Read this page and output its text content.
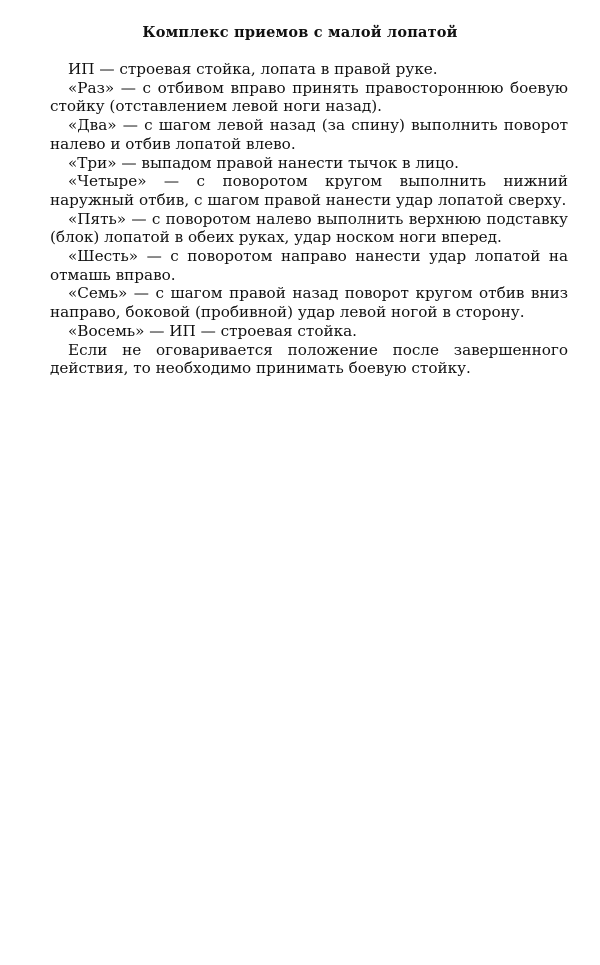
Комплекс приемов с малой лопатой

ИП — строевая стойка, лопата в правой руке.

«Раз» — с отбивом вправо принять правостороннюю боевую стойку (отставлением левой ноги назад).

«Два» — с шагом левой назад (за спину) выполнить поворот налево и отбив лопатой влево.

«Три» — выпадом правой нанести тычок в лицо.

«Четыре» — с поворотом кругом выполнить нижний наружный отбив, с шагом правой нанести удар лопатой сверху.

«Пять» — с поворотом налево выполнить верхнюю подставку (блок) лопатой в обеих руках, удар носком ноги вперед.

«Шесть» — с поворотом направо нанести удар лопатой на отмашь вправо.

«Семь» — с шагом правой назад поворот кругом отбив вниз направо, боковой (пробивной) удар левой ногой в сторону.

«Восемь» — ИП — строевая стойка.

Если не оговаривается положение после завершенного действия, то необходимо принимать боевую стойку.
